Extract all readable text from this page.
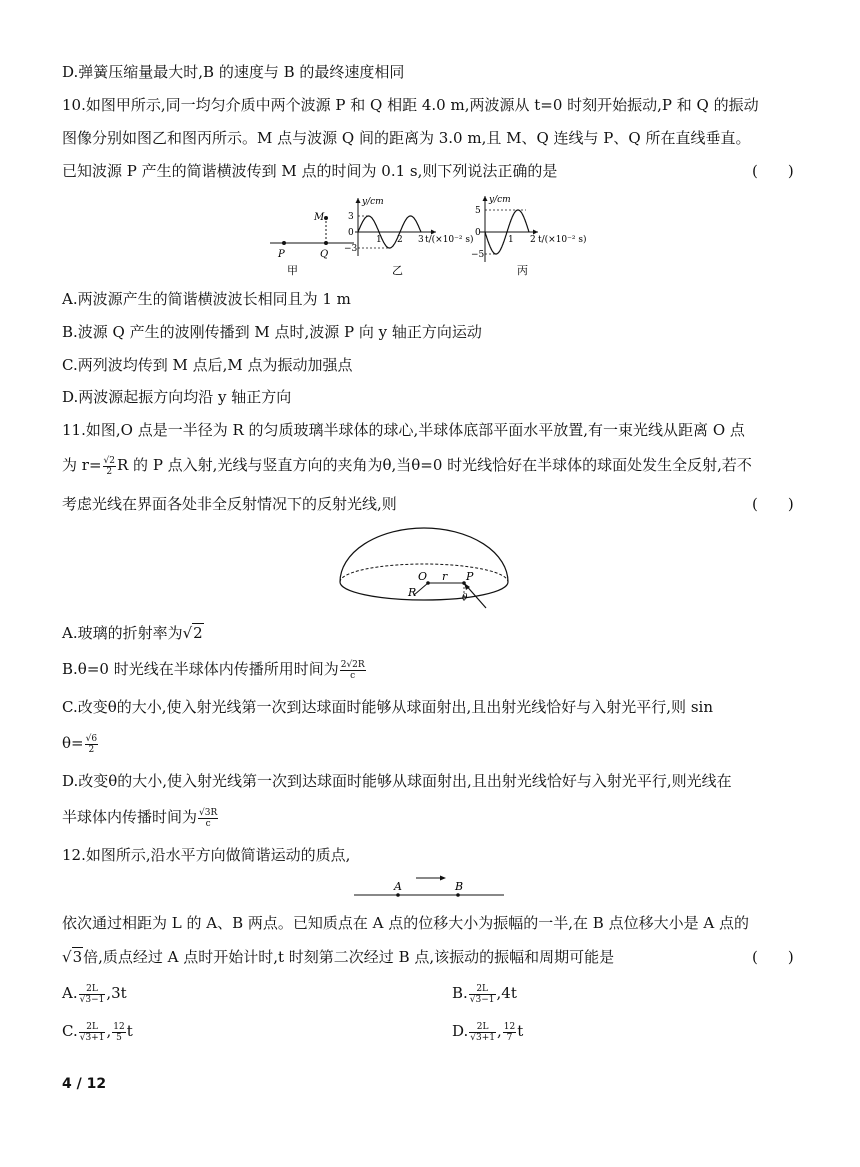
D.弹簧压缩量最大时,B 的速度与 B 的最终速度相同
10.如图甲所示,同一均匀介质中两个波源 P 和 Q 相距 4.0 m,两波源从 t=0 时刻开始振动,P 和 Q 的振动
图像分别如图乙和图丙所示。M 点与波源 Q 间的距离为 3.0 m,且 M、Q 连线与 P、Q 所在直线垂直。
已知波源 P 产生的简谐横波传到 M 点的时间为 0.1 s,则下列说法正确的是	(　　)
P	Q
M
甲
y/cm
3
0
−3
1 2 3 t/(×10⁻² s)
乙
y/cm
5
0
−5
1 2 t/(×10⁻² s)
丙
A.两波源产生的简谐横波波长相同且为 1 m
B.波源 Q 产生的波刚传播到 M 点时,波源 P 向 y 轴正方向运动
C.两列波均传到 M 点后,M 点为振动加强点
D.两波源起振方向均沿 y 轴正方向
11.如图,O 点是一半径为 R 的匀质玻璃半球体的球心,半球体底部平面水平放置,有一束光线从距离 O 点
为 $r= \frac{√2}{2}$ R 的 P 点入射,光线与竖直方向的夹角为θ,当θ=0 时光线恰好在半球体的球面处发生全反射,若不
考虑光线在界面各处非全反射情况下的反射光线,则	(　　)
O r P
R	θ
A.玻璃的折射率为√2
B.θ=0 时光线在半球体内传播所用时间为 $\frac{2√2R}{c}$
C.改变θ的大小,使入射光线第一次到达球面时能够从球面射出,且出射光线恰好与入射光平行,则 sin
$\theta= \frac{√6}{2}$
D.改变θ的大小,使入射光线第一次到达球面时能够从球面射出,且出射光线恰好与入射光平行,则光线在
半球体内传播时间为 $\frac{√3R}{c}$
12.如图所示,沿水平方向做简谐运动的质点,
A	B
依次通过相距为 L 的 A、B 两点。已知质点在 A 点的位移大小为振幅的一半,在 B 点位移大小是 A 点的
√3倍,质点经过 A 点时开始计时,t 时刻第二次经过 B 点,该振动的振幅和周期可能是	(　　)
A. $\frac{2L}{√3-1} ,3t$	B. $\frac{2L}{√3-1} ,4t$
C. $\frac{2L}{√3+1}$ , $\frac{12}{5}$ t	D. $\frac{2L}{√3+1}$ , $\frac{12}{7}$ t
4 / 12
